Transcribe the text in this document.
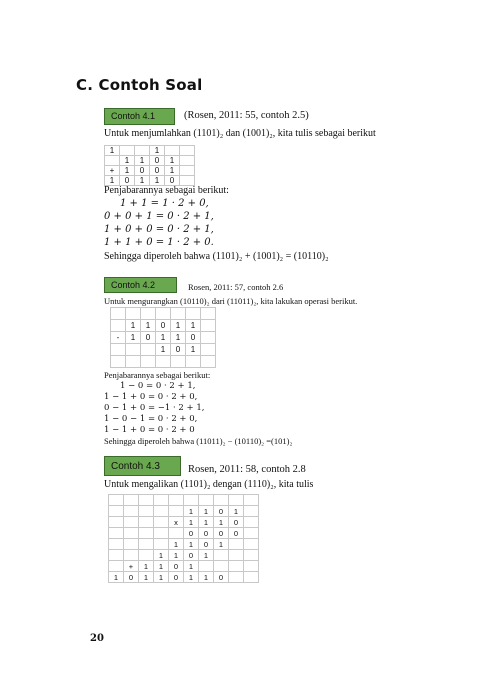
C. Contoh Soal
Contoh 4.1	(Rosen, 2011: 55, contoh 2.5)
Untuk menjumlahkan (1101)₂ dan (1001)₂, kita tulis sebagai berikut
1			1		
	1	1	0	1	
+	1	0	0	1	
1	0	1	1	0	
Penjabarannya sebagai berikut:
1 + 1 = 1 · 2 + 0,
0 + 0 + 1 = 0 · 2 + 1,
1 + 0 + 0 = 0 · 2 + 1,
1 + 1 + 0 = 1 · 2 + 0.
Sehingga diperoleh bahwa (1101)₂ + (1001)₂ = (10110)₂
Contoh 4.2	Rosen, 2011: 57, contoh 2.6
Untuk mengurangkan (10110)₂ dari (11011)₂, kita lakukan operasi berikut.

	1	1	0	1	1	
-	1	0	1	1	0	
			1	0	1	

Penjabarannya sebagai berikut:
1 − 0 = 0 · 2 + 1,
1 − 1 + 0 = 0 · 2 + 0,
0 − 1 + 0 = −1 · 2 + 1,
1 − 0 − 1 = 0 · 2 + 0,
1 − 1 + 0 = 0 · 2 + 0
Sehingga diperoleh bahwa (11011)₂ − (10110)₂ =(101)₂
Contoh 4.3	Rosen, 2011: 58, contoh 2.8
Untuk mengalikan (1101)₂ dengan (1110)₂, kita tulis

					1	1	0	1	
				x	1	1	1	0	
					0	0	0	0	
				1	1	0	1		
			1	1	0	1			
	+	1	1	0	1				
1	0	1	1	0	1	1	0		
20
